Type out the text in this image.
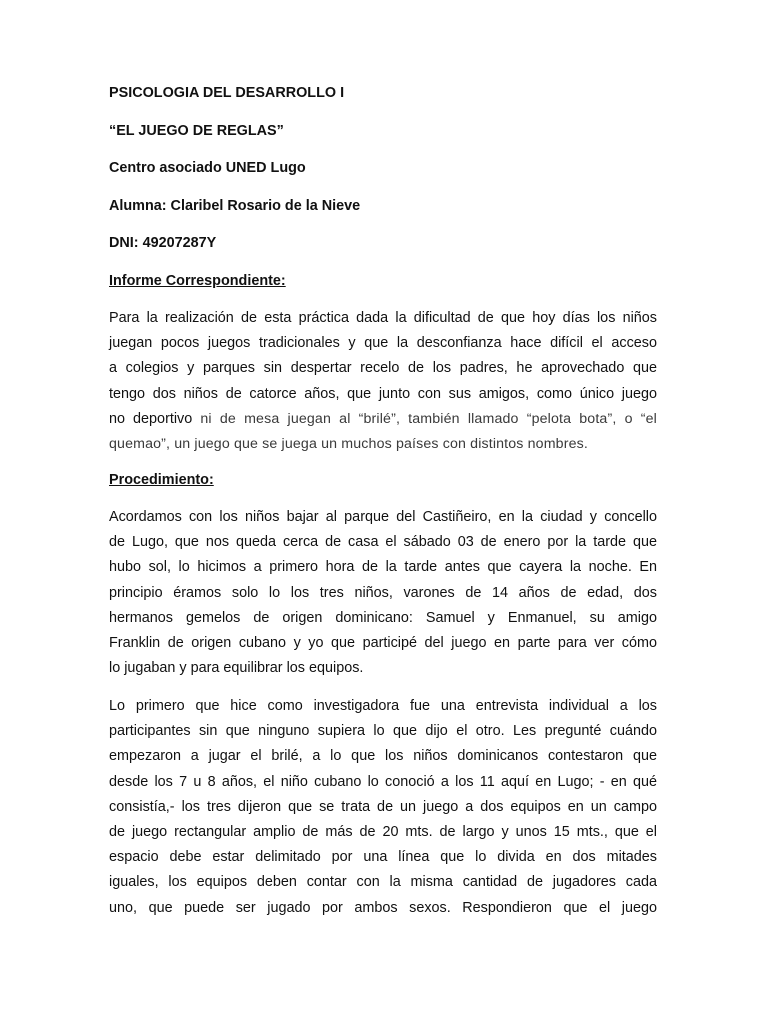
PSICOLOGIA DEL DESARROLLO I

“EL JUEGO DE REGLAS”

Centro asociado UNED Lugo

Alumna: Claribel Rosario de la Nieve

DNI: 49207287Y

Informe Correspondiente:

Para la realización de esta práctica dada la dificultad de que hoy días los niños
juegan pocos juegos tradicionales y que la desconfianza hace difícil el acceso
a colegios y parques sin despertar recelo de los padres, he aprovechado que
tengo dos niños de catorce años, que junto con sus amigos, como único juego
no deportivo ni de mesa juegan al “brilé”, también llamado “pelota bota”, o “el
quemao”, un juego que se juega un muchos países con distintos nombres.

Procedimiento:

Acordamos con los niños bajar al parque del Castiñeiro, en la ciudad y concello
de Lugo, que nos queda cerca de casa el sábado 03 de enero por la tarde que
hubo sol, lo hicimos a primero hora de la tarde antes que cayera la noche. En
principio éramos solo lo los tres niños, varones de 14 años de edad, dos
hermanos gemelos de origen dominicano: Samuel y Enmanuel, su amigo
Franklin de origen cubano y yo que participé del juego en parte para ver cómo
lo jugaban y para equilibrar los equipos.
Lo primero que hice como investigadora fue una entrevista individual a los
participantes sin que ninguno supiera lo que dijo el otro. Les pregunté cuándo
empezaron a jugar el brilé, a lo que los niños dominicanos contestaron que
desde los 7 u 8 años, el niño cubano lo conoció a los 11 aquí en Lugo; - en qué
consistía,- los tres dijeron que se trata de un juego a dos equipos en un campo
de juego rectangular amplio de más de 20 mts. de largo y unos 15 mts., que el
espacio debe estar delimitado por una línea que lo divida en dos mitades
iguales, los equipos deben contar con la misma cantidad de jugadores cada
uno, que puede ser jugado por ambos sexos. Respondieron que el juego
